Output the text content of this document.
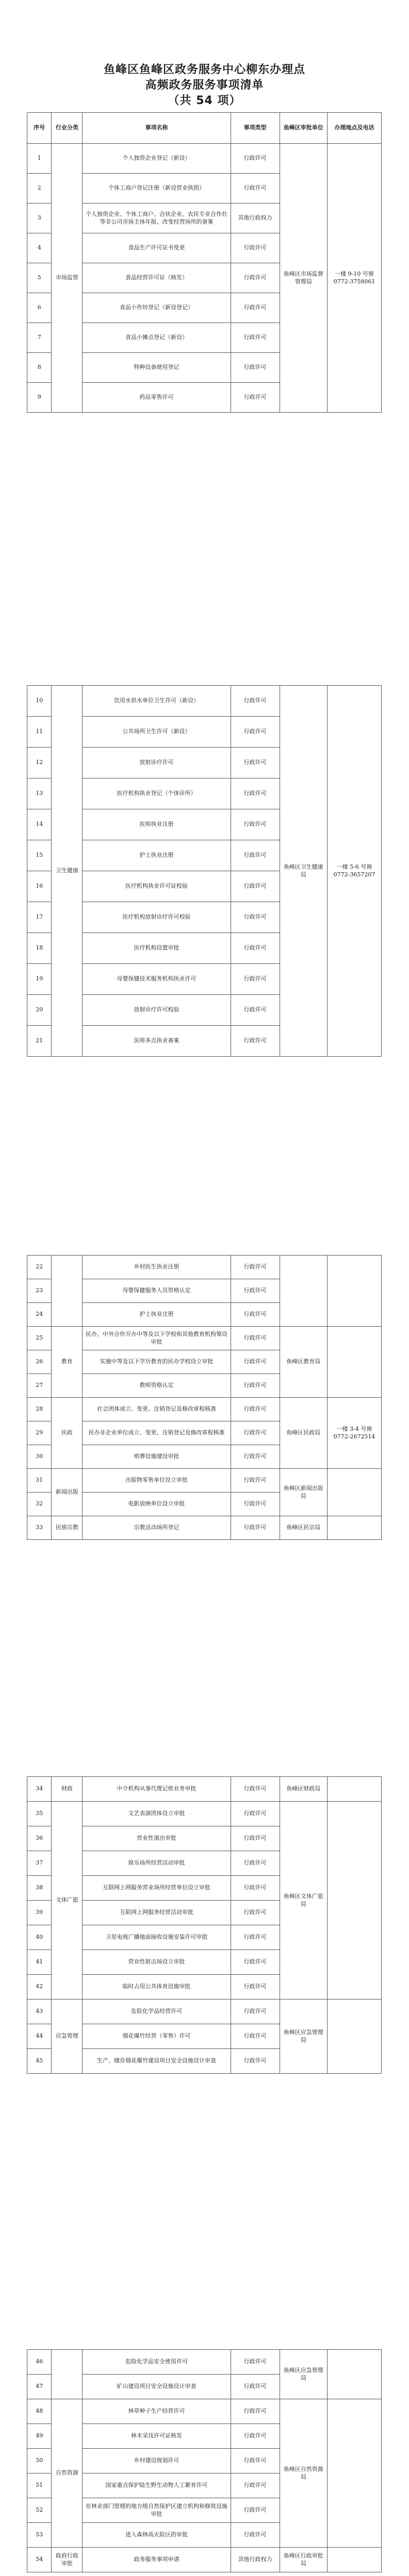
鱼峰区鱼峰区政务服务中心柳东办理点
高频政务服务事项清单
（共 54 项）
序号	行业分类	事项名称	事项类型	鱼峰区审批单位	办理地点及电话
1	市场监管	个人独资企业登记（新设）	行政许可	鱼峰区市场监督管理局	一楼 9-10 号窗 0772-3758061
2		个体工商户登记注册（新设营业执照）	行政许可		
3		个人独资企业、个体工商户、合伙企业、农民专业合作社等非公司市场主体年报、改变经营场所的备案	其他行政权力		
4		食品生产许可证书变更	行政许可		
5		食品经营许可证（核发）	行政许可		
6		食品小作坊登记（新设登记）	行政许可		
7		食品小摊点登记（新设）	行政许可		
8		特种设备使用登记	行政许可		
9		药品零售许可	行政许可		
10	卫生健康	饮用水供水单位卫生许可（新设）	行政许可	鱼峰区卫生健康局	一楼 5-6 号窗 0772-3657207
11		公共场所卫生许可（新设）	行政许可		
12		放射诊疗许可	行政许可		
13		医疗机构执业登记（个体诊所）	行政许可		
14		医师执业注册	行政许可		
15		护士执业注册	行政许可		
16		医疗机构执业许可证校验	行政许可		
17		医疗机构放射诊疗许可校验	行政许可		
18		医疗机构设置审批	行政许可		
19		母婴保健技术服务机构执业许可	行政许可		
20		放射诊疗许可校验	行政许可		
21		医师多点执业备案	行政许可		
22		乡村医生执业注册	行政许可		
23		母婴保健服务人员资格认定	行政许可		
24		护士执业注册	行政许可		
25	教育	民办、中外合作开办中等及以下学校和其他教育机构筹设审批	行政许可	鱼峰区教育局	
26		实施中等及以下学历教育的民办学校设立审批	行政许可		
27		教师资格认定	行政许可		
28	民政	社会团体成立、变更、注销登记及修改章程核准	行政许可	鱼峰区民政局	一楼 3-4 号窗 0772-2672514
29		民办非企业单位成立、变更、注销登记及修改章程核准	行政许可		
30		殡葬设施建设审批	行政许可		
31	新闻出版	出版物零售单位设立审批	行政许可	鱼峰区新闻出版局	
32		电影放映单位设立审批	行政许可		
33	民族宗教	宗教活动场所登记	行政许可	鱼峰区民宗局	
34	财政	中介机构从事代理记账业务审批	行政许可	鱼峰区财政局	
35	文体广旅	文艺表演团体设立审批	行政许可	鱼峰区文体广旅局	
36		营业性演出审批	行政许可		
37		娱乐场所经营活动审批	行政许可		
38		互联网上网服务营业场所经营单位设立审批	行政许可		
39		互联网上网服务经营活动审批	行政许可		
40		卫星电视广播地面接收设施安装许可审批	行政许可		
41		营业性射击场设立审批	行政许可		
42		临时占用公共体育设施审批	行政许可		
43	应急管理	危险化学品经营许可	行政许可	鱼峰区应急管理局	
44		烟花爆竹经营（零售）许可	行政许可		
45		生产、储存烟花爆竹建设项目安全设施设计审查	行政许可		
46		危险化学品安全使用许可	行政许可	鱼峰区应急管理局	
47		矿山建设项目安全设施设计审查	行政许可		
48	自然资源	林草种子生产经营许可	行政许可	鱼峰区自然资源局	
49		林木采伐许可证核发	行政许可		
50		乡村建设规划许可	行政许可		
51		国家重点保护陆生野生动物人工繁育许可	行政许可		
52		在林业部门管理的地方级自然保护区建立机构和修筑设施审批	行政许可		
53		进入森林高火险区的审批	行政许可		
54	政府行政审批	政务服务事项申请	其他行政权力	鱼峰区行政审批局	
